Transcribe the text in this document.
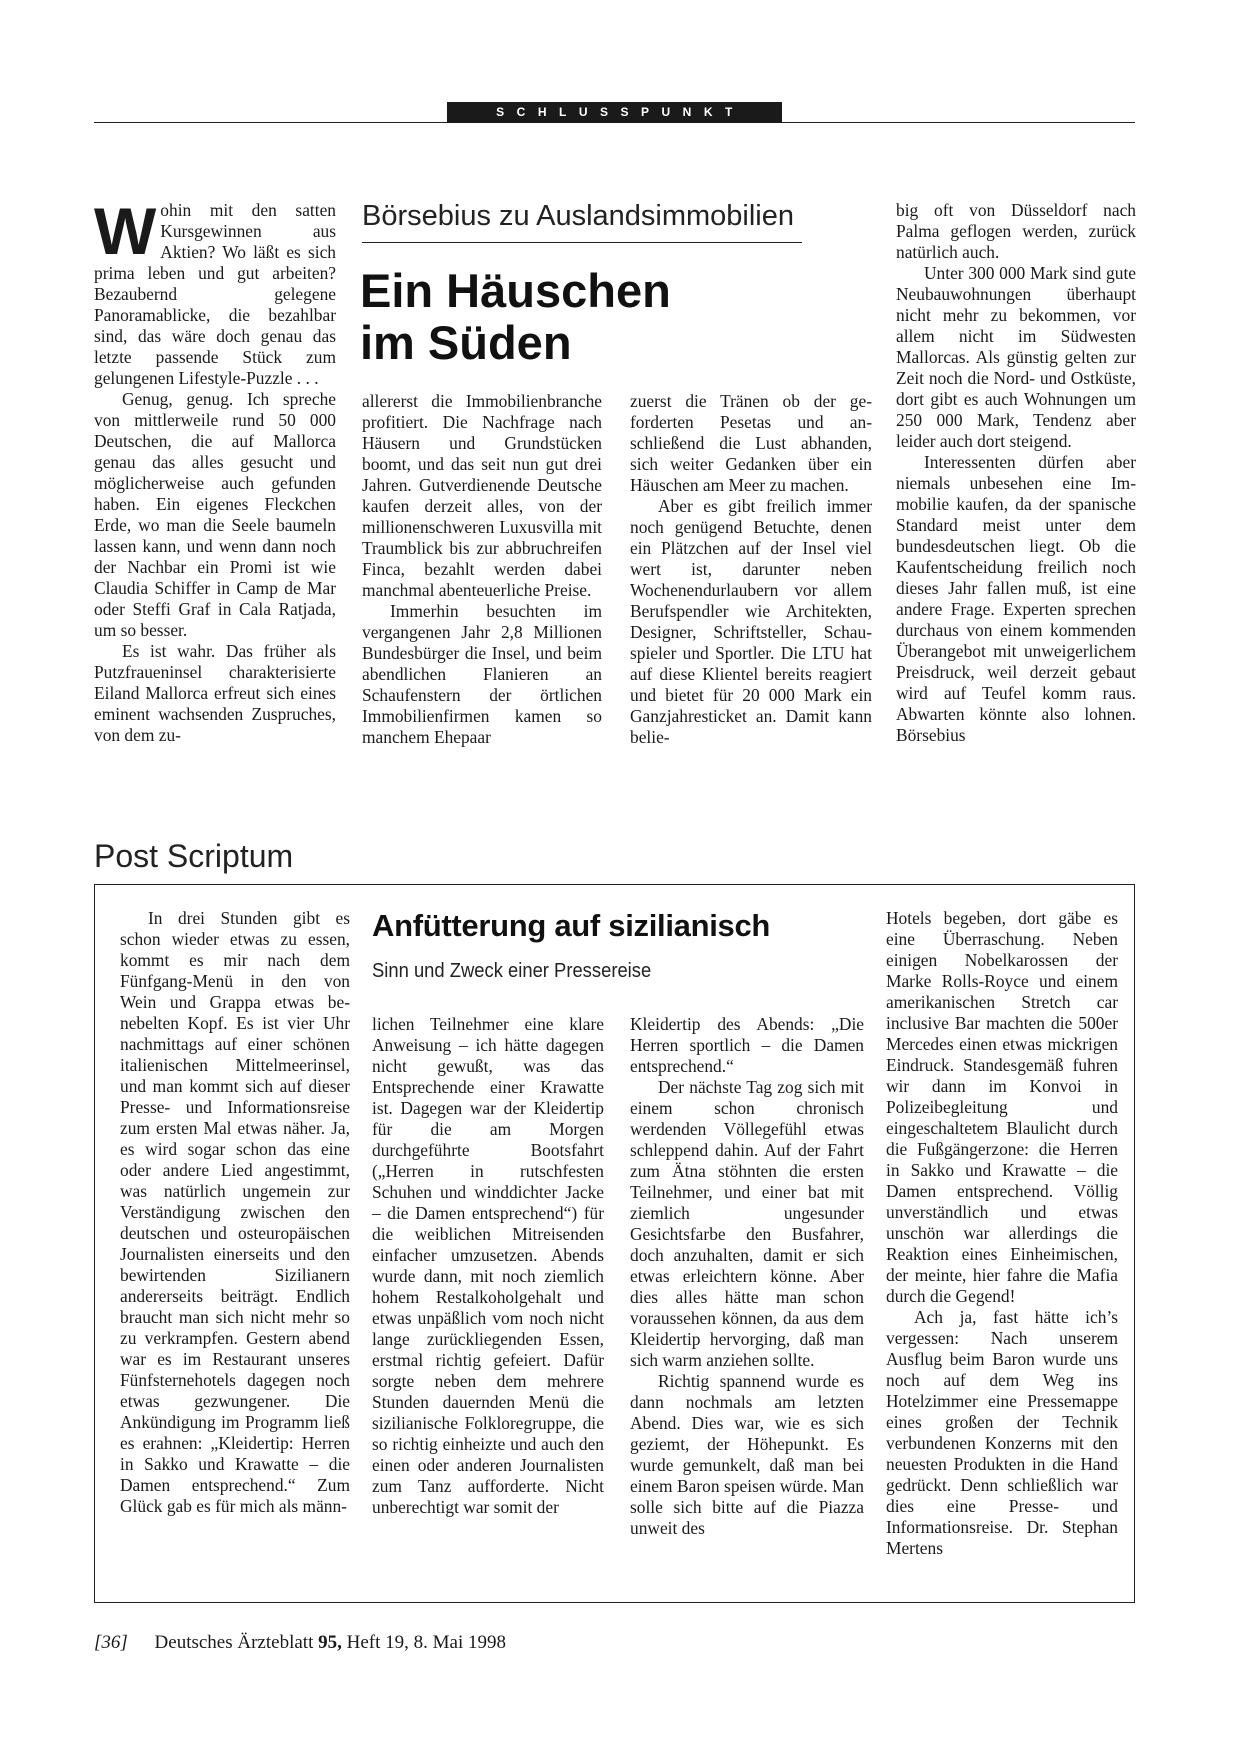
SCHLUSSPUNKT
W ohin mit den satten Kursgewinnen aus Aktien? Wo läßt es sich prima leben und gut arbeiten? Bezaubernd gelegene Panoramablicke, die bezahlbar sind, das wäre doch genau das letzte passende Stück zum gelungenen Lifestyle-Puzzle . . .

Genug, genug. Ich spreche von mittlerweile rund 50 000 Deutschen, die auf Mallorca genau das alles gesucht und möglicherweise auch gefunden haben. Ein eigenes Fleckchen Erde, wo man die Seele baumeln lassen kann, und wenn dann noch der Nachbar ein Promi ist wie Claudia Schiffer in Camp de Mar oder Steffi Graf in Cala Ratjada, um so besser.

Es ist wahr. Das früher als Putzfraueninsel charakterisierte Eiland Mallorca erfreut sich eines eminent wachsenden Zuspruches, von dem zu-

Börsebius zu Auslandsimmobilien
Ein Häuschen
im Süden

allererst die Immobilienbranche profitiert. Die Nachfrage nach Häusern und Grundstücken boomt, und das seit nun gut drei Jahren. Gutverdienende Deutsche kaufen derzeit alles, von der millionenschweren Luxusvilla mit Traumblick bis zur abbruchreifen Finca, bezahlt werden dabei manchmal abenteuerliche Preise.

Immerhin besuchten im vergangenen Jahr 2,8 Millionen Bundesbürger die Insel, und beim abendlichen Flanieren an Schaufenstern der örtlichen Immobilienfirmen kamen so manchem Ehepaar

zuerst die Tränen ob der geforderten Pesetas und anschließend die Lust abhanden, sich weiter Gedanken über ein Häuschen am Meer zu machen.

Aber es gibt freilich immer noch genügend Betuchte, denen ein Plätzchen auf der Insel viel wert ist, darunter neben Wochenendurlaubern vor allem Berufspendler wie Architekten, Designer, Schriftsteller, Schauspieler und Sportler. Die LTU hat auf diese Klientel bereits reagiert und bietet für 20 000 Mark ein Ganzjahresticket an. Damit kann belie-

big oft von Düsseldorf nach Palma geflogen werden, zurück natürlich auch.

Unter 300 000 Mark sind gute Neubauwohnungen überhaupt nicht mehr zu bekommen, vor allem nicht im Südwesten Mallorcas. Als günstig gelten zur Zeit noch die Nord- und Ostküste, dort gibt es auch Wohnungen um 250 000 Mark, Tendenz aber leider auch dort steigend.

Interessenten dürfen aber niemals unbesehen eine Immobilie kaufen, da der spanische Standard meist unter dem bundesdeutschen liegt. Ob die Kaufentscheidung freilich noch dieses Jahr fallen muß, ist eine andere Frage. Experten sprechen durchaus von einem kommenden Überangebot mit unweigerlichem Preisdruck, weil derzeit gebaut wird auf Teufel komm raus. Abwarten könnte also lohnen. Börsebius

Post Scriptum
Anfütterung auf sizilianisch
Sinn und Zweck einer Pressereise

In drei Stunden gibt es schon wieder etwas zu essen, kommt es mir nach dem Fünfgang-Menü in den von Wein und Grappa etwas benebelten Kopf. Es ist vier Uhr nachmittags auf einer schönen italienischen Mittelmeerinsel, und man kommt sich auf dieser Presse- und Informationsreise zum ersten Mal etwas näher. Ja, es wird sogar schon das eine oder andere Lied angestimmt, was natürlich ungemein zur Verständigung zwischen den deutschen und osteuropäischen Journalisten einerseits und den bewirtenden Sizilianern andererseits beiträgt. Endlich braucht man sich nicht mehr so zu verkrampfen. Gestern abend war es im Restaurant unseres Fünfsternehotels dagegen noch etwas gezwungener. Die Ankündigung im Programm ließ es erahnen: „Kleidertip: Herren in Sakko und Krawatte – die Damen entsprechend.“ Zum Glück gab es für mich als männ-

lichen Teilnehmer eine klare Anweisung – ich hätte dagegen nicht gewußt, was das Entsprechende einer Krawatte ist. Dagegen war der Kleidertip für die am Morgen durchgeführte Bootsfahrt („Herren in rutschfesten Schuhen und winddichter Jacke – die Damen entsprechend“) für die weiblichen Mitreisenden einfacher umzusetzen. Abends wurde dann, mit noch ziemlich hohem Restalkoholgehalt und etwas unpäßlich vom noch nicht lange zurückliegenden Essen, erstmal richtig gefeiert. Dafür sorgte neben dem mehrere Stunden dauernden Menü die sizilianische Folkloregruppe, die so richtig einheizte und auch den einen oder anderen Journalisten zum Tanz aufforderte. Nicht unberechtigt war somit der

Kleidertip des Abends: „Die Herren sportlich – die Damen entsprechend.“

Der nächste Tag zog sich mit einem schon chronisch werdenden Völlegefühl etwas schleppend dahin. Auf der Fahrt zum Ätna stöhnten die ersten Teilnehmer, und einer bat mit ziemlich ungesunder Gesichtsfarbe den Busfahrer, doch anzuhalten, damit er sich etwas erleichtern könne. Aber dies alles hätte man schon voraussehen können, da aus dem Kleidertip hervorging, daß man sich warm anziehen sollte.

Richtig spannend wurde es dann nochmals am letzten Abend. Dies war, wie es sich geziemt, der Höhepunkt. Es wurde gemunkelt, daß man bei einem Baron speisen würde. Man solle sich bitte auf die Piazza unweit des

Hotels begeben, dort gäbe es eine Überraschung. Neben einigen Nobelkarossen der Marke Rolls-Royce und einem amerikanischen Stretch car inclusive Bar machten die 500er Mercedes einen etwas mickrigen Eindruck. Standesgemäß fuhren wir dann im Konvoi in Polizeibegleitung und eingeschaltetem Blaulicht durch die Fußgängerzone: die Herren in Sakko und Krawatte – die Damen entsprechend. Völlig unverständlich und etwas unschön war allerdings die Reaktion eines Einheimischen, der meinte, hier fahre die Mafia durch die Gegend!

Ach ja, fast hätte ich’s vergessen: Nach unserem Ausflug beim Baron wurde uns noch auf dem Weg ins Hotelzimmer eine Pressemappe eines großen der Technik verbundenen Konzerns mit den neuesten Produkten in die Hand gedrückt. Denn schließlich war dies eine Presse- und Informationsreise. Dr. Stephan Mertens

[36] Deutsches Ärzteblatt 95, Heft 19, 8. Mai 1998
